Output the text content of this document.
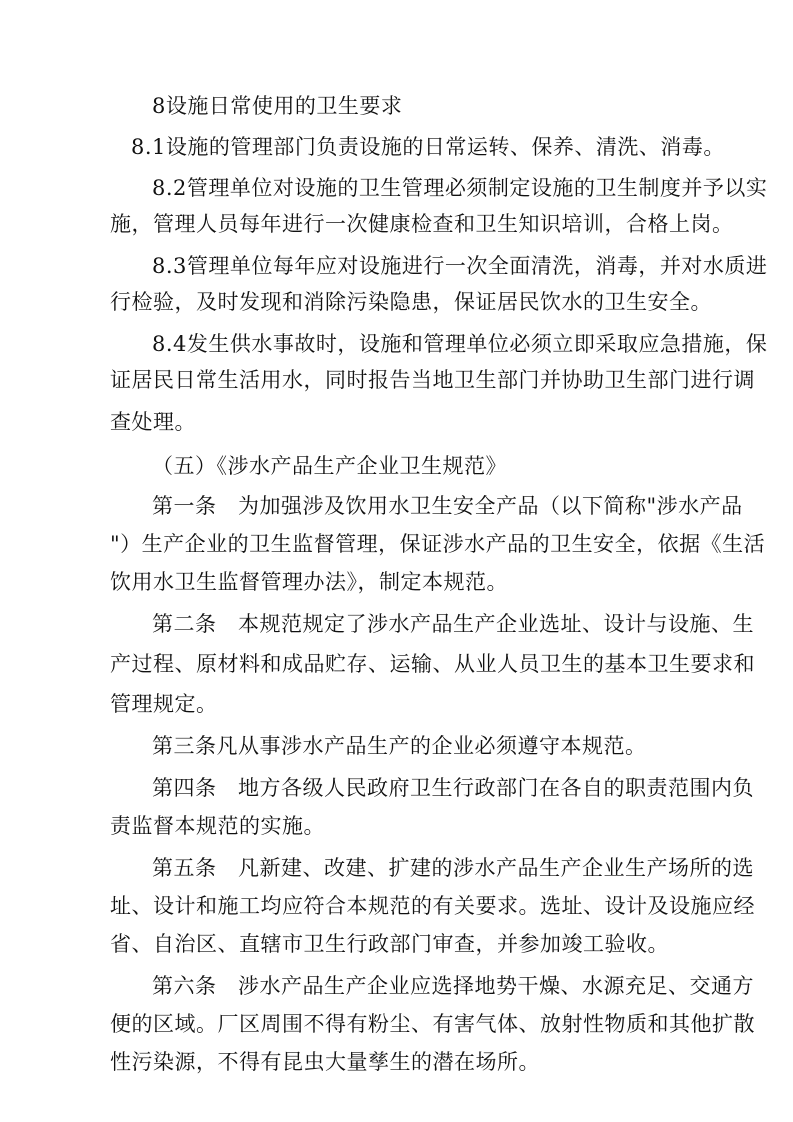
8设施日常使用的卫生要求
8.1设施的管理部门负责设施的日常运转、保养、清洗、消毒。
8.2管理单位对设施的卫生管理必须制定设施的卫生制度并予以实
施，管理人员每年进行一次健康检查和卫生知识培训，合格上岗。
8.3管理单位每年应对设施进行一次全面清洗，消毒，并对水质进
行检验，及时发现和消除污染隐患，保证居民饮水的卫生安全。
8.4发生供水事故时，设施和管理单位必须立即采取应急措施，保
证居民日常生活用水，同时报告当地卫生部门并协助卫生部门进行调
查处理。
（五）《涉水产品生产企业卫生规范》
第一条　为加强涉及饮用水卫生安全产品（以下简称"涉水产品
"）生产企业的卫生监督管理，保证涉水产品的卫生安全，依据《生活
饮用水卫生监督管理办法》，制定本规范。
第二条　本规范规定了涉水产品生产企业选址、设计与设施、生
产过程、原材料和成品贮存、运输、从业人员卫生的基本卫生要求和
管理规定。
第三条凡从事涉水产品生产的企业必须遵守本规范。
第四条　地方各级人民政府卫生行政部门在各自的职责范围内负
责监督本规范的实施。
第五条　凡新建、改建、扩建的涉水产品生产企业生产场所的选
址、设计和施工均应符合本规范的有关要求。选址、设计及设施应经
省、自治区、直辖市卫生行政部门审查，并参加竣工验收。
第六条　涉水产品生产企业应选择地势干燥、水源充足、交通方
便的区域。厂区周围不得有粉尘、有害气体、放射性物质和其他扩散
性污染源，不得有昆虫大量孳生的潜在场所。
